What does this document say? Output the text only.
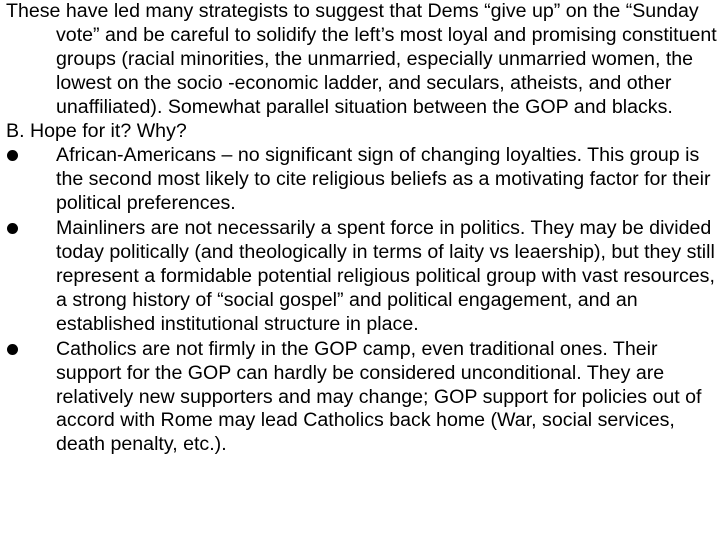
These have led many strategists to suggest that Dems “give up” on the “Sunday vote” and be careful to solidify the left’s most loyal and promising constituent groups (racial minorities, the unmarried, especially unmarried women, the lowest on the socio -economic ladder, and seculars, atheists, and other unaffiliated). Somewhat parallel situation between the GOP and blacks.

B. Hope for it? Why?

African-Americans – no significant sign of changing loyalties. This group is the second most likely to cite religious beliefs as a motivating factor for their political preferences.
Mainliners are not necessarily a spent force in politics. They may be divided today politically (and theologically in terms of laity vs leaership), but they still represent a formidable potential religious political group with vast resources, a strong history of “social gospel” and political engagement, and an established institutional structure in place.
Catholics are not firmly in the GOP camp, even traditional ones. Their support for the GOP can hardly be considered unconditional. They are relatively new supporters and may change; GOP support for policies out of accord with Rome may lead Catholics back home (War, social services, death penalty, etc.).
